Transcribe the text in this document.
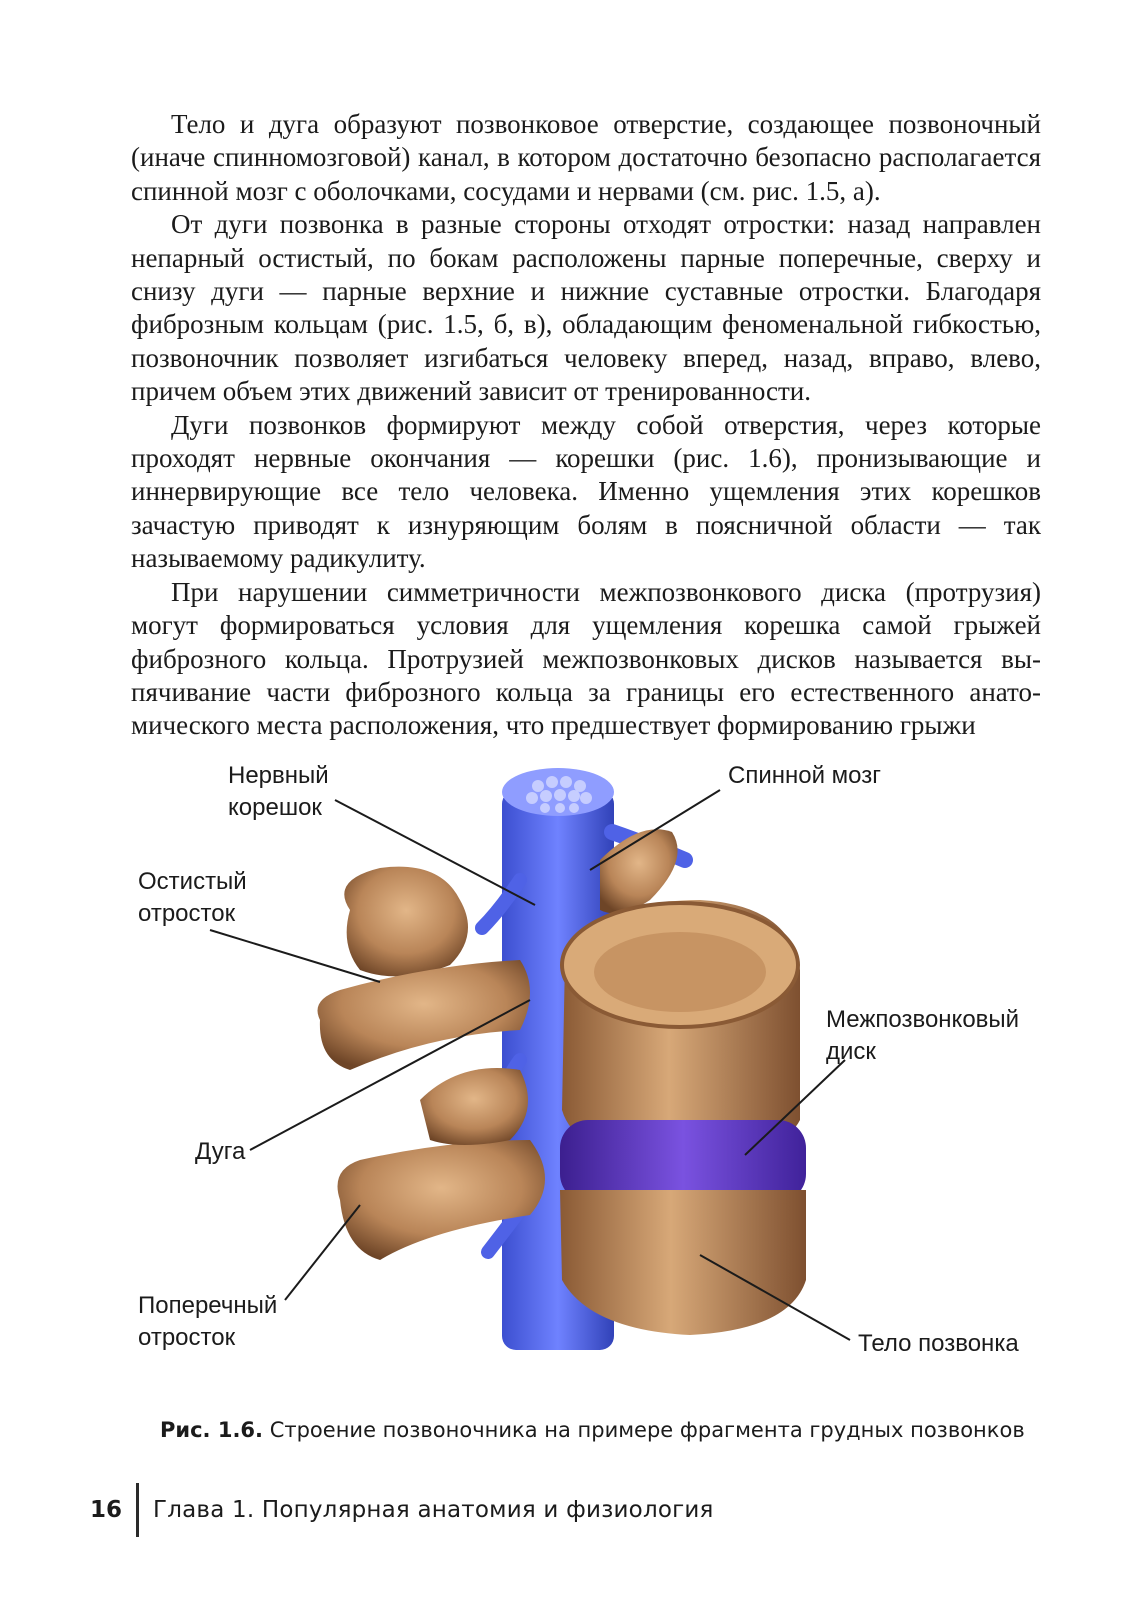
Тело и дуга образуют позвонковое отверстие, создающее позвоночный (иначе спинномозговой) канал, в котором достаточно безопасно располагается спинной мозг с оболочками, сосудами и нервами (см. рис. 1.5, а).

От дуги позвонка в разные стороны отходят отростки: назад направлен непарный остистый, по бокам расположены парные поперечные, сверху и снизу дуги — парные верхние и нижние суставные отростки. Благодаря фиброзным кольцам (рис. 1.5, б, в), обладающим феноменальной гибкостью, позвоночник позволяет изгибаться человеку вперед, назад, вправо, влево, причем объем этих движений зависит от тренированности.

Дуги позвонков формируют между собой отверстия, через которые проходят нервные окончания — корешки (рис. 1.6), пронизывающие и иннервирующие все тело человека. Именно ущемления этих корешков зачастую приводят к изнуряющим болям в поясничной области — так называемому радикулиту.

При нарушении симметричности межпозвонкового диска (протрузия) могут формироваться условия для ущемления корешка самой грыжей фиброзного кольца. Протрузией межпозвонковых дисков называется выпячивание части фиброзного кольца за границы его естественного анатомического места расположения, что предшествует формированию грыжи

Нервный
корешок
Спинной мозг
Остистый
отросток
Межпозвонковый
диск
Дуга
Поперечный
отросток	Тело позвонка
Рис. 1.6. Строение позвоночника на примере фрагмента грудных позвонков
16 Глава 1. Популярная анатомия и физиология
